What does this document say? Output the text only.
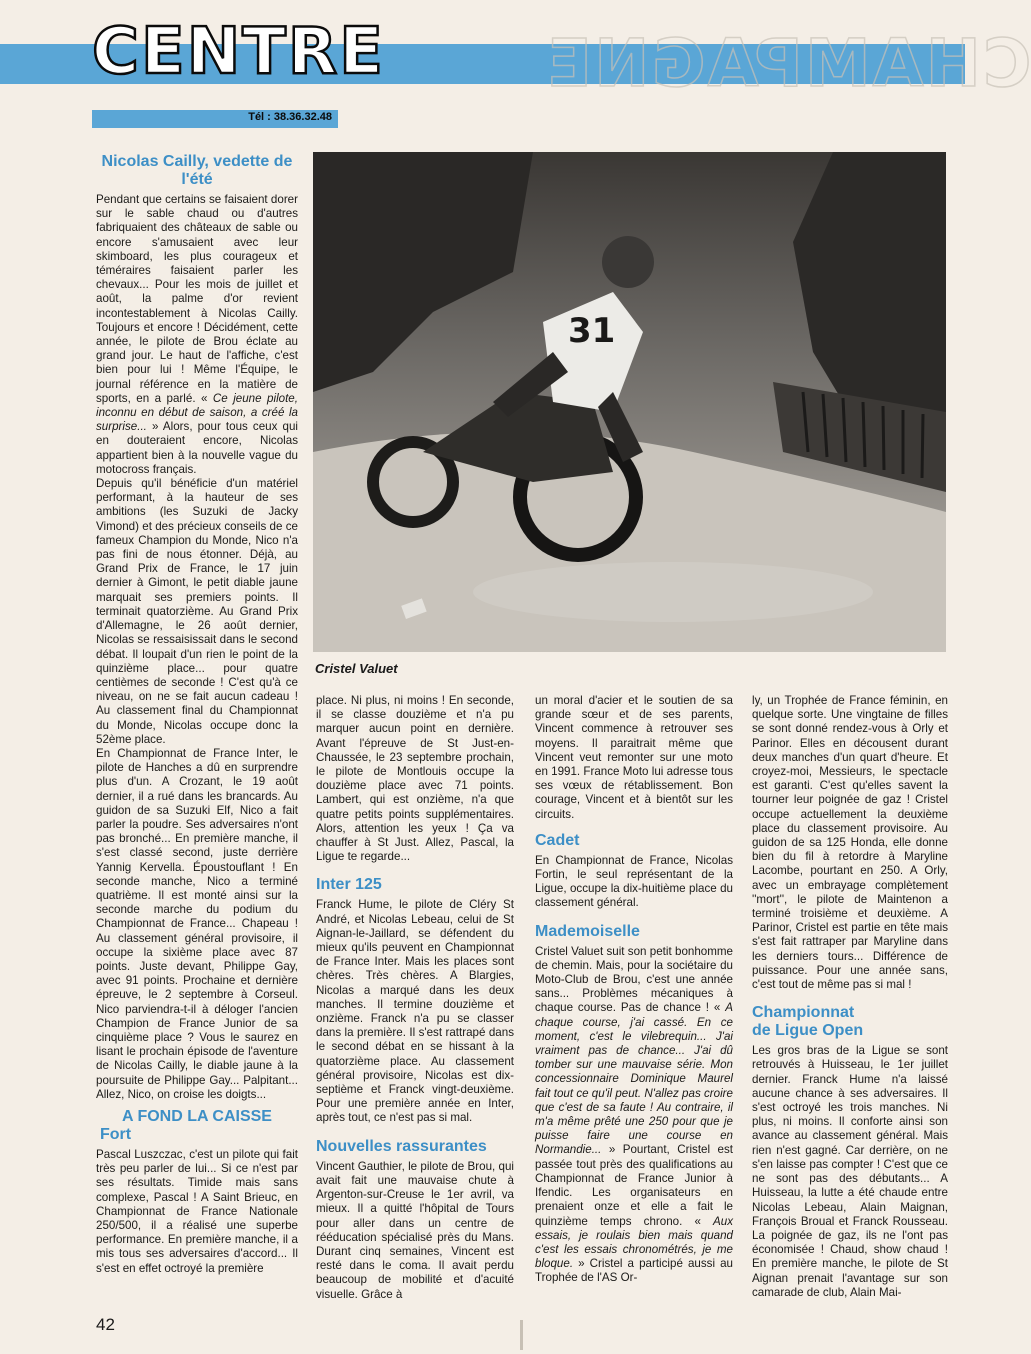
CHAMPAGNE
CENTRE
Tél : 38.36.32.48
31
Cristel Valuet
Nicolas Cailly, vedette de l'été

Pendant que certains se faisaient dorer sur le sable chaud ou d'autres fabriquaient des châteaux de sable ou encore s'amusaient avec leur skimboard, les plus courageux et téméraires faisaient parler les chevaux... Pour les mois de juillet et août, la palme d'or revient incontestablement à Nicolas Cailly. Toujours et encore ! Décidément, cette année, le pilote de Brou éclate au grand jour. Le haut de l'affiche, c'est bien pour lui ! Même l'Équipe, le journal référence en la matière de sports, en a parlé. « Ce jeune pilote, inconnu en début de saison, a créé la surprise... » Alors, pour tous ceux qui en douteraient encore, Nicolas appartient bien à la nouvelle vague du motocross français.

Depuis qu'il bénéficie d'un matériel performant, à la hauteur de ses ambitions (les Suzuki de Jacky Vimond) et des précieux conseils de ce fameux Champion du Monde, Nico n'a pas fini de nous étonner. Déjà, au Grand Prix de France, le 17 juin dernier à Gimont, le petit diable jaune marquait ses premiers points. Il terminait quatorzième. Au Grand Prix d'Allemagne, le 26 août dernier, Nicolas se ressaisissait dans le second débat. Il loupait d'un rien le point de la quinzième place... pour quatre centièmes de seconde ! C'est qu'à ce niveau, on ne se fait aucun cadeau ! Au classement final du Championnat du Monde, Nicolas occupe donc la 52ème place.

En Championnat de France Inter, le pilote de Hanches a dû en surprendre plus d'un. A Crozant, le 19 août dernier, il a rué dans les brancards. Au guidon de sa Suzuki Elf, Nico a fait parler la poudre. Ses adversaires n'ont pas bronché... En première manche, il s'est classé second, juste derrière Yannig Kervella. Époustouflant ! En seconde manche, Nico a terminé quatrième. Il est monté ainsi sur la seconde marche du podium du Championnat de France... Chapeau ! Au classement général provisoire, il occupe la sixième place avec 87 points. Juste devant, Philippe Gay, avec 91 points. Prochaine et dernière épreuve, le 2 septembre à Corseul. Nico parviendra-t-il à déloger l'ancien Champion de France Junior de sa cinquième place ? Vous le saurez en lisant le prochain épisode de l'aventure de Nicolas Cailly, le diable jaune à la poursuite de Philippe Gay... Palpitant... Allez, Nico, on croise les doigts...

A FOND LA CAISSE
Fort

Pascal Luszczac, c'est un pilote qui fait très peu parler de lui... Si ce n'est par ses résultats. Timide mais sans complexe, Pascal ! A Saint Brieuc, en Championnat de France Nationale 250/500, il a réalisé une superbe performance. En première manche, il a mis tous ses adversaires d'accord... Il s'est en effet octroyé la première

place. Ni plus, ni moins ! En seconde, il se classe douzième et n'a pu marquer aucun point en dernière. Avant l'épreuve de St Just-en-Chaussée, le 23 septembre prochain, le pilote de Montlouis occupe la douzième place avec 71 points. Lambert, qui est onzième, n'a que quatre petits points supplémentaires. Alors, attention les yeux ! Ça va chauffer à St Just. Allez, Pascal, la Ligue te regarde...

Inter 125

Franck Hume, le pilote de Cléry St André, et Nicolas Lebeau, celui de St Aignan-le-Jaillard, se défendent du mieux qu'ils peuvent en Championnat de France Inter. Mais les places sont chères. Très chères. A Blargies, Nicolas a marqué dans les deux manches. Il termine douzième et onzième. Franck n'a pu se classer dans la première. Il s'est rattrapé dans le second débat en se hissant à la quatorzième place. Au classement général provisoire, Nicolas est dix-septième et Franck vingt-deuxième. Pour une première année en Inter, après tout, ce n'est pas si mal.

Nouvelles rassurantes

Vincent Gauthier, le pilote de Brou, qui avait fait une mauvaise chute à Argenton-sur-Creuse le 1er avril, va mieux. Il a quitté l'hôpital de Tours pour aller dans un centre de rééducation spécialisé près du Mans. Durant cinq semaines, Vincent est resté dans le coma. Il avait perdu beaucoup de mobilité et d'acuité visuelle. Grâce à

un moral d'acier et le soutien de sa grande sœur et de ses parents, Vincent commence à retrouver ses moyens. Il paraitrait même que Vincent veut remonter sur une moto en 1991. France Moto lui adresse tous ses vœux de rétablissement. Bon courage, Vincent et à bientôt sur les circuits.

Cadet

En Championnat de France, Nicolas Fortin, le seul représentant de la Ligue, occupe la dix-huitième place du classement général.

Mademoiselle

Cristel Valuet suit son petit bonhomme de chemin. Mais, pour la sociétaire du Moto-Club de Brou, c'est une année sans... Problèmes mécaniques à chaque course. Pas de chance ! « A chaque course, j'ai cassé. En ce moment, c'est le vilebrequin... J'ai vraiment pas de chance... J'ai dû tomber sur une mauvaise série. Mon concessionnaire Dominique Maurel fait tout ce qu'il peut. N'allez pas croire que c'est de sa faute ! Au contraire, il m'a même prêté une 250 pour que je puisse faire une course en Normandie... » Pourtant, Cristel est passée tout près des qualifications au Championnat de France Junior à Ifendic. Les organisateurs en prenaient onze et elle a fait le quinzième temps chrono. « Aux essais, je roulais bien mais quand c'est les essais chronométrés, je me bloque. » Cristel a participé aussi au Trophée de l'AS Or-

ly, un Trophée de France féminin, en quelque sorte. Une vingtaine de filles se sont donné rendez-vous à Orly et Parinor. Elles en décousent durant deux manches d'un quart d'heure. Et croyez-moi, Messieurs, le spectacle est garanti. C'est qu'elles savent la tourner leur poignée de gaz ! Cristel occupe actuellement la deuxième place du classement provisoire. Au guidon de sa 125 Honda, elle donne bien du fil à retordre à Maryline Lacombe, pourtant en 250. A Orly, avec un embrayage complètement ''mort'', le pilote de Maintenon a terminé troisième et deuxième. A Parinor, Cristel est partie en tête mais s'est fait rattraper par Maryline dans les derniers tours... Différence de puissance. Pour une année sans, c'est tout de même pas si mal !

Championnat
de Ligue Open

Les gros bras de la Ligue se sont retrouvés à Huisseau, le 1er juillet dernier. Franck Hume n'a laissé aucune chance à ses adversaires. Il s'est octroyé les trois manches. Ni plus, ni moins. Il conforte ainsi son avance au classement général. Mais rien n'est gagné. Car derrière, on ne s'en laisse pas compter ! C'est que ce ne sont pas des débutants... A Huisseau, la lutte a été chaude entre Nicolas Lebeau, Alain Maignan, François Broual et Franck Rousseau. La poignée de gaz, ils ne l'ont pas économisée ! Chaud, show chaud ! En première manche, le pilote de St Aignan prenait l'avantage sur son camarade de club, Alain Mai-

42
